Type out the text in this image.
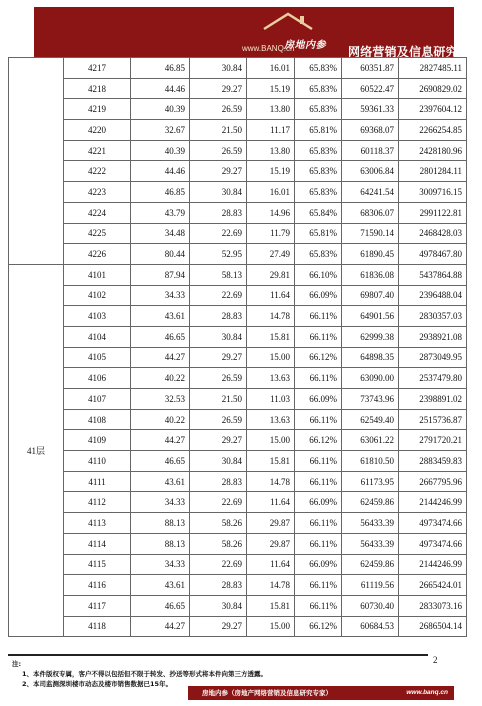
房地内参
www.BANQ.cn	网络营销及信息研究专家
	4217	46.85	30.84	16.01	65.83%	60351.87	2827485.11
	4218	44.46	29.27	15.19	65.83%	60522.47	2690829.02
	4219	40.39	26.59	13.80	65.83%	59361.33	2397604.12
	4220	32.67	21.50	11.17	65.81%	69368.07	2266254.85
	4221	40.39	26.59	13.80	65.83%	60118.37	2428180.96
	4222	44.46	29.27	15.19	65.83%	63006.84	2801284.11
	4223	46.85	30.84	16.01	65.83%	64241.54	3009716.15
	4224	43.79	28.83	14.96	65.84%	68306.07	2991122.81
	4225	34.48	22.69	11.79	65.81%	71590.14	2468428.03
	4226	80.44	52.95	27.49	65.83%	61890.45	4978467.80
41层	4101	87.94	58.13	29.81	66.10%	61836.08	5437864.88
	4102	34.33	22.69	11.64	66.09%	69807.40	2396488.04
	4103	43.61	28.83	14.78	66.11%	64901.56	2830357.03
	4104	46.65	30.84	15.81	66.11%	62999.38	2938921.08
	4105	44.27	29.27	15.00	66.12%	64898.35	2873049.95
	4106	40.22	26.59	13.63	66.11%	63090.00	2537479.80
	4107	32.53	21.50	11.03	66.09%	73743.96	2398891.02
	4108	40.22	26.59	13.63	66.11%	62549.40	2515736.87
	4109	44.27	29.27	15.00	66.12%	63061.22	2791720.21
	4110	46.65	30.84	15.81	66.11%	61810.50	2883459.83
	4111	43.61	28.83	14.78	66.11%	61173.95	2667795.96
	4112	34.33	22.69	11.64	66.09%	62459.86	2144246.99
	4113	88.13	58.26	29.87	66.11%	56433.39	4973474.66
	4114	88.13	58.26	29.87	66.11%	56433.39	4973474.66
	4115	34.33	22.69	11.64	66.09%	62459.86	2144246.99
	4116	43.61	28.83	14.78	66.11%	61119.56	2665424.01
	4117	46.65	30.84	15.81	66.11%	60730.40	2833073.16
	4118	44.27	29.27	15.00	66.12%	60684.53	2686504.14
注:
1、本件版权专属，客户不得以包括但不限于转发、抄送等形式将本件向第三方透露。
2、本司监测深圳楼市动态及楼市销售数据已15年。
2
房地内参（房地产网络营销及信息研究专家）	www.banq.cn
